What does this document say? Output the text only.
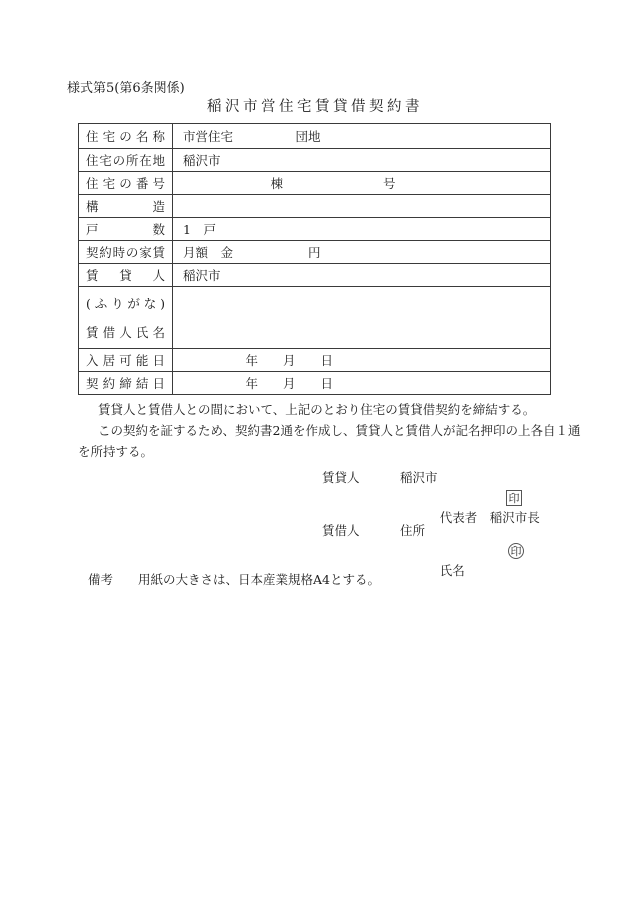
様式第5(第6条関係)
稲沢市営住宅賃貸借契約書
住宅の名称	市営住宅　　　　　団地
住宅の所在地	稲沢市
住宅の番号	　　　　　　　棟　　　　　　　　号
構造	
戸数	1　戸
契約時の家賃	月額　金　　　　　　円
賃貸人	稲沢市

(ふりがな)
賃借人氏名	

入居可能日	　　　　　年　　月　　日
契約締結日	　　　　　年　　月　　日
賃貸人と賃借人との間において、上記のとおり住宅の賃貸借契約を締結する。
この契約を証するため、契約書2通を作成し、賃貸人と賃借人が記名押印の上各自１通
を所持する。
賃貸人	稲沢市

代表者　稲沢市長

印

賃借人	住所

氏名

印

備考　　用紙の大きさは、日本産業規格A4とする。
